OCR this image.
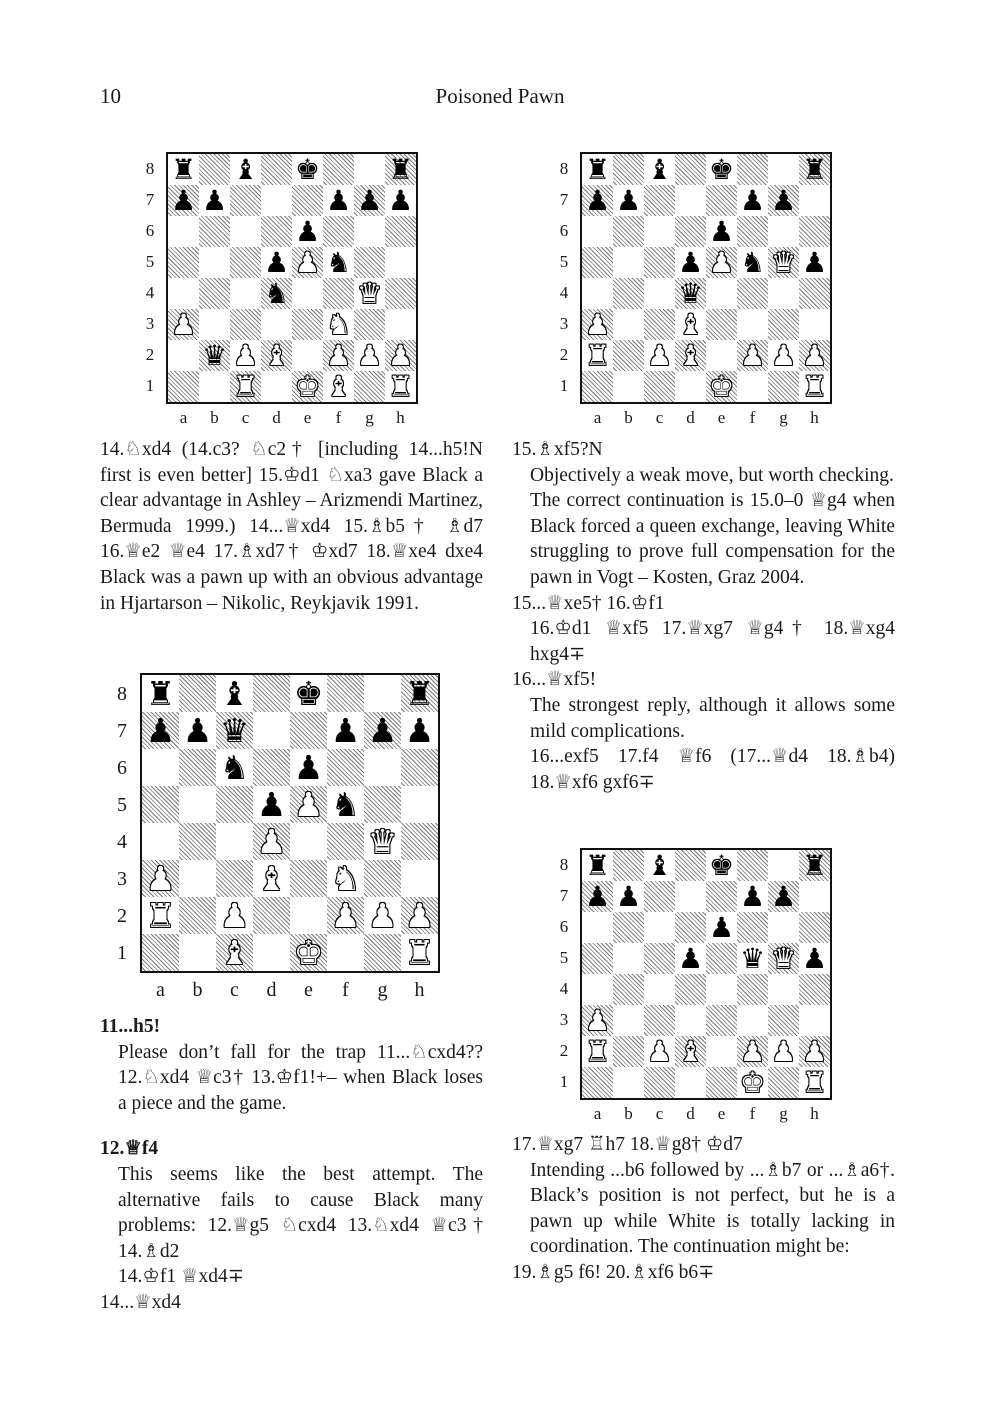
10	Poisoned Pawn
♜ ♝ ♚ ♜
♟ ♟	♟ ♟ ♟
♟
♟ ♟ ♞
♞ ♛
♟	♞
♛ ♟ ♝ ♟ ♟ ♟
♜ ♚ ♝ ♜
8
7
6
5
4
3
2
1
a	b	c	d	e	f	g	h
♜ ♝ ♚ ♜
♟ ♟ ♛ ♟ ♟ ♟
♞ ♟
♟ ♟ ♞
♟ ♛
♟ ♝ ♞
♜ ♟ ♟ ♟ ♟
♝ ♚ ♜
8
7
6
5
4
3
2
1
a b c d e	f	g h
♜ ♝ ♚ ♜
♟ ♟	♟ ♟
♟
♟ ♟ ♞ ♛ ♟
♛
♟ ♝
♜ ♟ ♝ ♟ ♟ ♟
♚ ♜
8
7
6
5
4
3
2
1
a	b	c	d	e	f	g	h
♜ ♝ ♚ ♜
♟ ♟	♟ ♟
♟
♟ ♛ ♛ ♟
♟
♜ ♟ ♝ ♟ ♟ ♟
♚ ♜
8
7
6
5
4
3
2
1
a	b	c	d	e	f	g	h

14.♘xd4 (14.c3? ♘c2† [including 14...h5!N first is even better] 15.♔d1 ♘xa3 gave Black a clear advantage in Ashley – Arizmendi Martinez, Bermuda 1999.) 14...♕xd4 15.♗b5† ♗d7 16.♕e2 ♕e4 17.♗xd7† ♔xd7 18.♕xe4 dxe4 Black was a pawn up with an obvious advantage in Hjartarson – Nikolic, Reykjavik 1991.

11...h5!

Please don’t fall for the trap 11...♘cxd4?? 12.♘xd4 ♕c3† 13.♔f1!+– when Black loses a piece and the game.

12.♕f4

This seems like the best attempt. The alternative fails to cause Black many problems: 12.♕g5 ♘cxd4 13.♘xd4 ♕c3† 14.♗d2

14.♔f1 ♕xd4∓

14...♕xd4

15.♗xf5?N

Objectively a weak move, but worth checking.

The correct continuation is 15.0–0 ♕g4 when Black forced a queen exchange, leaving White struggling to prove full compensation for the pawn in Vogt – Kosten, Graz 2004.

15...♕xe5† 16.♔f1

16.♔d1 ♕xf5 17.♕xg7 ♕g4† 18.♕xg4 hxg4∓

16...♕xf5!

The strongest reply, although it allows some mild complications.

16...exf5 17.f4 ♕f6 (17...♕d4 18.♗b4) 18.♕xf6 gxf6∓

17.♕xg7 ♖h7 18.♕g8† ♔d7

Intending ...b6 followed by ...♗b7 or ...♗a6†. Black’s position is not perfect, but he is a pawn up while White is totally lacking in coordination. The continuation might be:

19.♗g5 f6! 20.♗xf6 b6∓
